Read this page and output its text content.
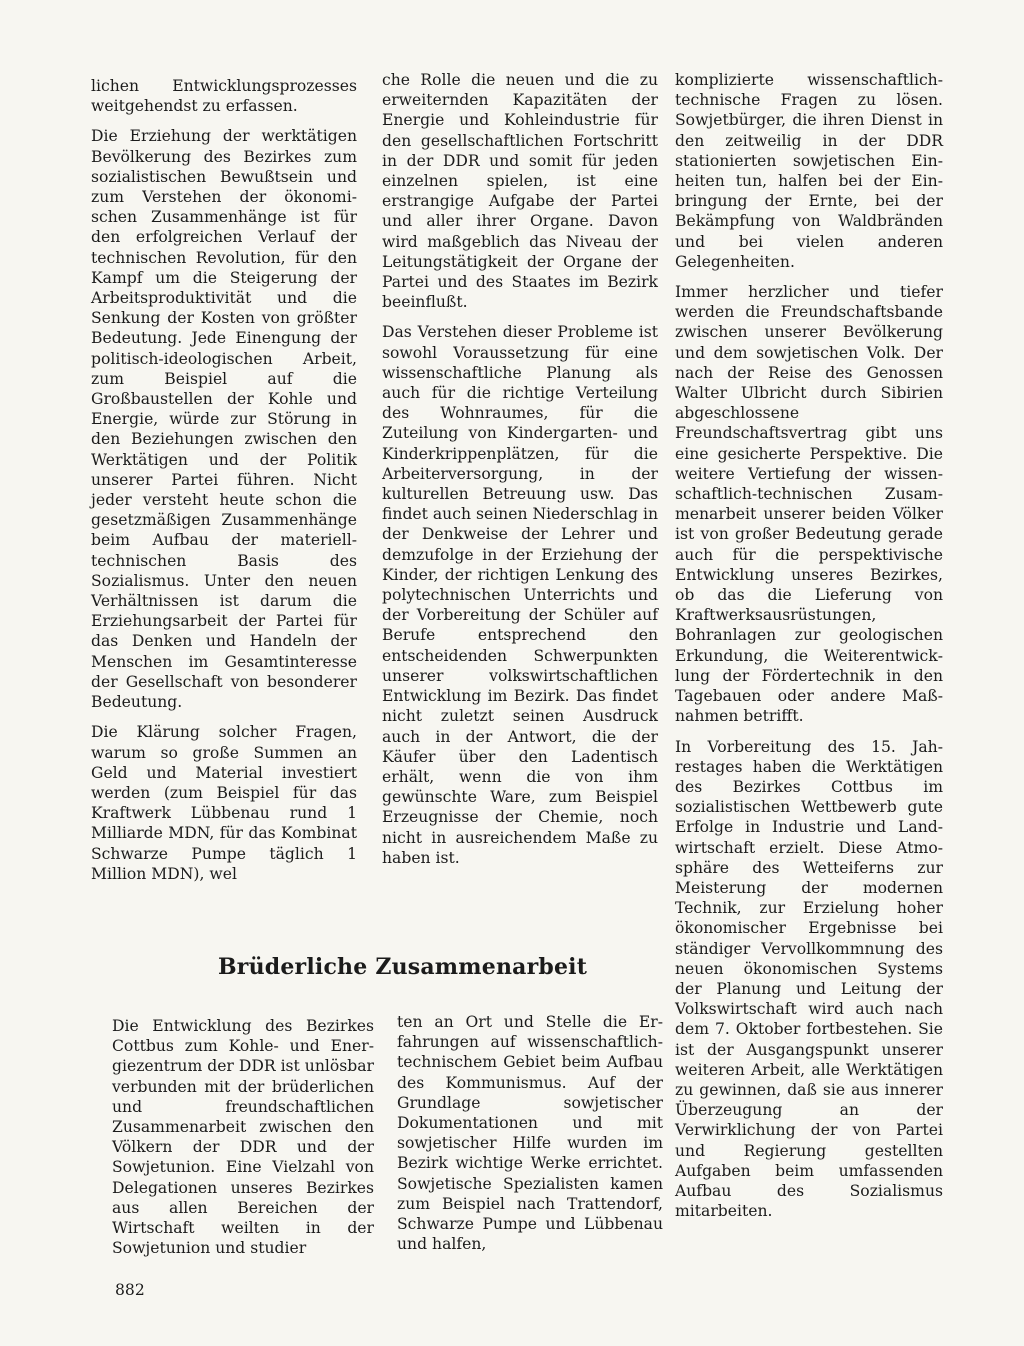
lichen Entwicklungsprozesses weitgehendst zu erfassen.

Die Erziehung der werktätigen Bevölkerung des Bezirkes zum sozialistischen Bewußtsein und zum Verstehen der ökonomischen Zusammenhänge ist für den erfolgreichen Verlauf der technischen Revolution, für den Kampf um die Steigerung der Arbeitsproduktivität und die Senkung der Kosten von größter Bedeutung. Jede Einengung der politisch-ideologischen Arbeit, zum Beispiel auf die Großbaustellen der Kohle und Energie, würde zur Störung in den Beziehungen zwischen den Werktätigen und der Politik unserer Partei führen. Nicht jeder versteht heute schon die gesetzmäßigen Zusammenhänge beim Aufbau der materiell-technischen Basis des Sozialismus. Unter den neuen Verhältnissen ist darum die Erziehungsarbeit der Partei für das Denken und Handeln der Menschen im Gesamtinteresse der Gesellschaft von besonderer Bedeutung.

Die Klärung solcher Fragen, warum so große Summen an Geld und Material investiert werden (zum Beispiel für das Kraftwerk Lübbenau rund 1 Milliarde MDN, für das Kombinat Schwarze Pumpe täglich 1 Million MDN), wel

che Rolle die neuen und die zu erweiternden Kapazitäten der Energie und Kohleindustrie für den gesellschaftlichen Fortschritt in der DDR und somit für jeden einzelnen spielen, ist eine erstrangige Aufgabe der Partei und aller ihrer Organe. Davon wird maßgeblich das Niveau der Leitungstätigkeit der Organe der Partei und des Staates im Bezirk beeinflußt.

Das Verstehen dieser Probleme ist sowohl Voraussetzung für eine wissenschaftliche Planung als auch für die richtige Verteilung des Wohnraumes, für die Zuteilung von Kindergarten- und Kinderkrippenplätzen, für die Arbeiterversorgung, in der kulturellen Betreuung usw. Das findet auch seinen Niederschlag in der Denkweise der Lehrer und demzufolge in der Erziehung der Kinder, der richtigen Lenkung des polytechnischen Unterrichts und der Vorbereitung der Schüler auf Berufe entsprechend den entscheidenden Schwerpunkten unserer volkswirtschaftlichen Entwicklung im Bezirk. Das findet nicht zuletzt seinen Ausdruck auch in der Antwort, die der Käufer über den Ladentisch erhält, wenn die von ihm gewünschte Ware, zum Beispiel Erzeugnisse der Chemie, noch nicht in ausreichendem Maße zu haben ist.

komplizierte wissenschaftlich-technische Fragen zu lösen. Sowjetbürger, die ihren Dienst in den zeitweilig in der DDR stationierten sowjetischen Einheiten tun, halfen bei der Einbringung der Ernte, bei der Bekämpfung von Waldbränden und bei vielen anderen Gelegenheiten.

Immer herzlicher und tiefer werden die Freundschaftsbande zwischen unserer Bevölkerung und dem sowjetischen Volk. Der nach der Reise des Genossen Walter Ulbricht durch Sibirien abgeschlossene Freundschaftsvertrag gibt uns eine gesicherte Perspektive. Die weitere Vertiefung der wissenschaftlich-technischen Zusammenarbeit unserer beiden Völker ist von großer Bedeutung gerade auch für die perspektivische Entwicklung unseres Bezirkes, ob das die Lieferung von Kraftwerksausrüstungen, Bohranlagen zur geologischen Erkundung, die Weiterentwicklung der Fördertechnik in den Tagebauen oder andere Maßnahmen betrifft.

In Vorbereitung des 15. Jahrestages haben die Werktätigen des Bezirkes Cottbus im sozialistischen Wettbewerb gute Erfolge in Industrie und Landwirtschaft erzielt. Diese Atmosphäre des Wetteiferns zur Meisterung der modernen Technik, zur Erzielung hoher ökonomischer Ergebnisse bei ständiger Vervollkommnung des neuen ökonomischen Systems der Planung und Leitung der Volkswirtschaft wird auch nach dem 7. Oktober fortbestehen. Sie ist der Ausgangspunkt unserer weiteren Arbeit, alle Werktätigen zu gewinnen, daß sie aus innerer Überzeugung an der Verwirklichung der von Partei und Regierung gestellten Aufgaben beim umfassenden Aufbau des Sozialismus mitarbeiten.

Brüderliche Zusammenarbeit

Die Entwicklung des Bezirkes Cottbus zum Kohle- und Energiezentrum der DDR ist unlösbar verbunden mit der brüderlichen und freundschaftlichen Zusammenarbeit zwischen den Völkern der DDR und der Sowjetunion. Eine Vielzahl von Delegationen unseres Bezirkes aus allen Bereichen der Wirtschaft weilten in der Sowjetunion und studier

ten an Ort und Stelle die Erfahrungen auf wissenschaftlich-technischem Gebiet beim Aufbau des Kommunismus. Auf der Grundlage sowjetischer Dokumentationen und mit sowjetischer Hilfe wurden im Bezirk wichtige Werke errichtet. Sowjetische Spezialisten kamen zum Beispiel nach Trattendorf, Schwarze Pumpe und Lübbenau und halfen,

882
